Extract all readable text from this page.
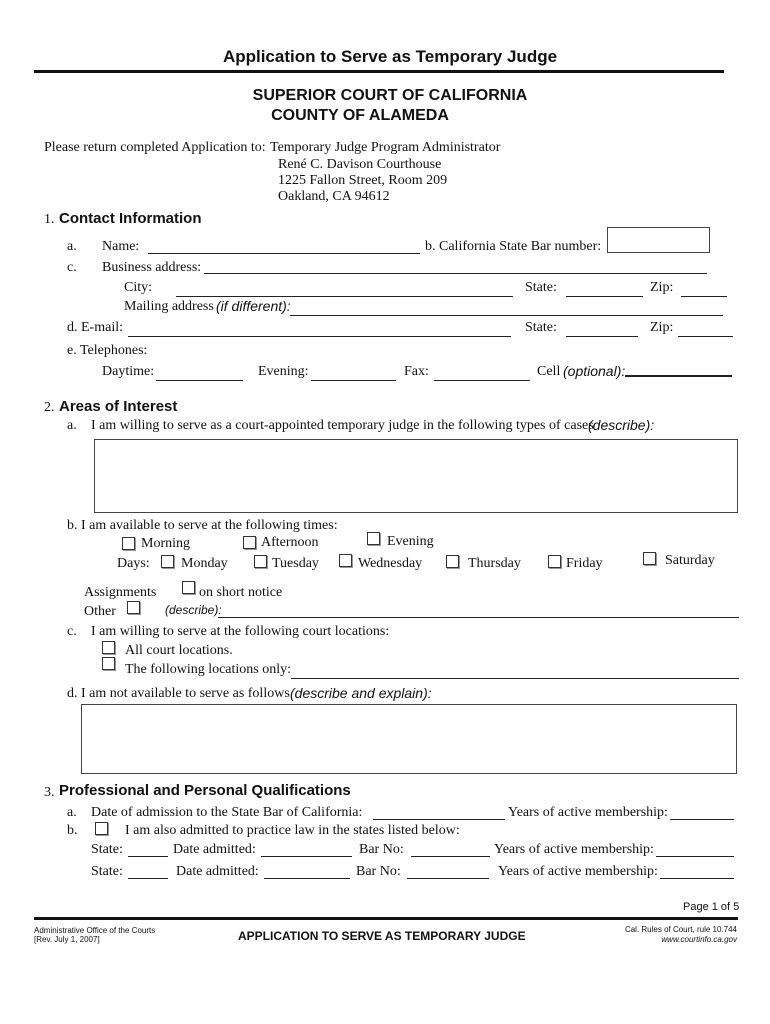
Application to Serve as Temporary Judge
SUPERIOR COURT OF CALIFORNIA
COUNTY OF ALAMEDA
Please return completed Application to: Temporary Judge Program Administrator
René C. Davison Courthouse
1225 Fallon Street, Room 209
Oakland, CA 94612
1. Contact Information
a. Name:	b. California State Bar number:
c. Business address:
City:	State:	Zip:
Mailing address (if different):
d. E-mail:	State:	Zip:
e. Telephones:
Daytime:	Evening:	Fax:	Cell (optional):
2. Areas of Interest
a. I am willing to serve as a court-appointed temporary judge in the following types of cases
(describe):
b. I am available to serve at the following times:
Morning	Afternoon	Evening
Days: Monday	Tuesday	Wednesday	Thursday	Friday	Saturday
Assignments	on short notice
Other	(describe):
c. I am willing to serve at the following court locations:
All court locations.
The following locations only:
d. I am not available to serve as follows (describe and explain):
3. Professional and Personal Qualifications
a. Date of admission to the State Bar of California:	Years of active membership:
b.	I am also admitted to practice law in the states listed below:
State:	Date admitted:	Bar No:	Years of active membership:
State:	Date admitted:	Bar No:	Years of active membership:
Page 1 of 5
Administrative Office of the Courts
[Rev. July 1, 2007]	APPLICATION TO SERVE AS TEMPORARY JUDGE	Cal. Rules of Court, rule 10.744
www.courtinfo.ca.gov
